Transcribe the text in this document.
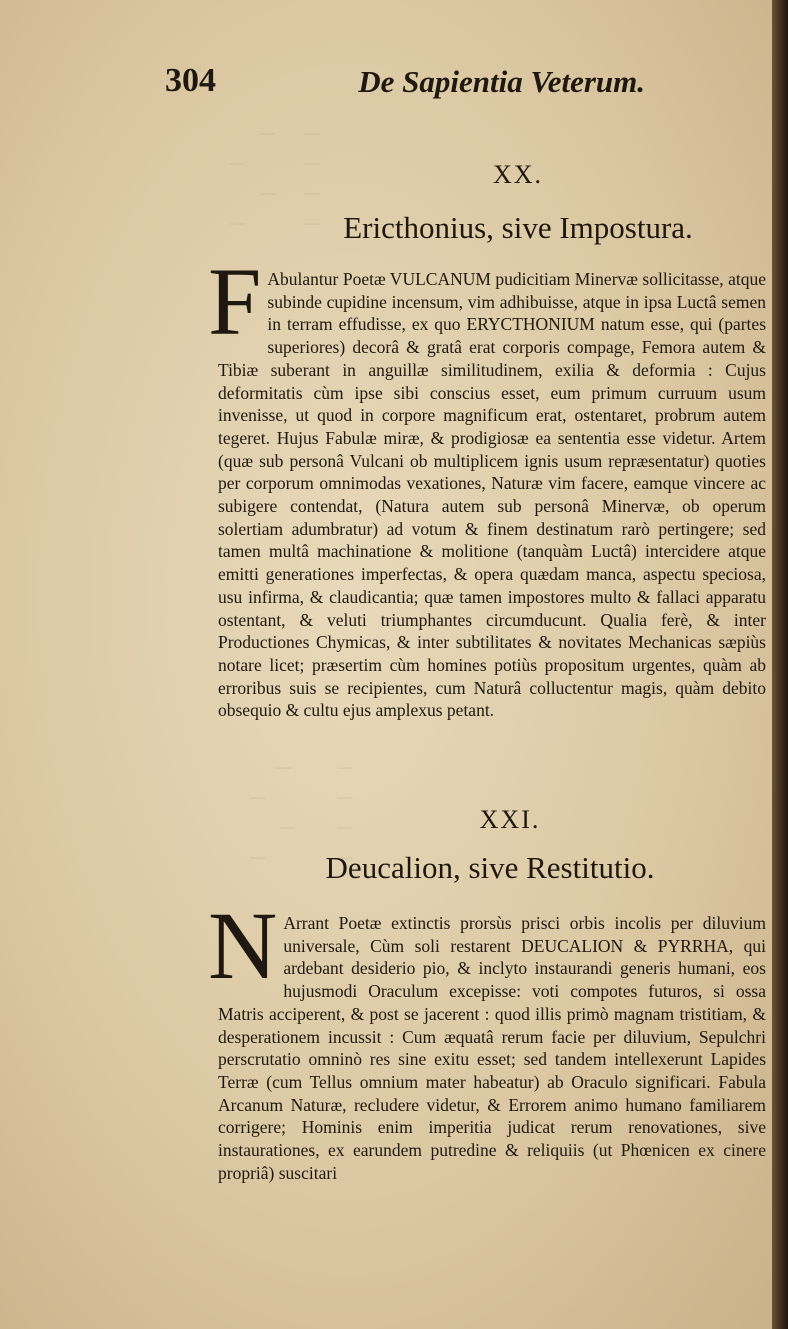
—       —
—              —
—       —
—              —
—           —
—                 —
—          —
—                 —
304	De Sapientia Veterum.
XX.
Ericthonius, sive Impostura.

F Abulantur Poetæ VULCANUM pudicitiam Minervæ sollicitasse, atque subinde cupidine incensum, vim adhibuisse, atque in ipsa Luctâ semen in terram effudisse, ex quo ERYCTHONIUM natum esse, qui (partes superiores) decorâ & gratâ erat corporis compage, Femora autem & Tibiæ suberant in anguillæ similitudinem, exilia & deformia : Cujus deformitatis cùm ipse sibi conscius esset, eum primum curruum usum invenisse, ut quod in corpore magnificum erat, ostentaret, probrum autem tegeret. Hujus Fabulæ miræ, & prodigiosæ ea sententia esse videtur. Artem (quæ sub personâ Vulcani ob multiplicem ignis usum repræsentatur) quoties per corporum omnimodas vexationes, Naturæ vim facere, eamque vincere ac subigere contendat, (Natura autem sub personâ Minervæ, ob operum solertiam adumbratur) ad votum & finem destinatum rarò pertingere; sed tamen multâ machinatione & molitione (tanquàm Luctâ) intercidere atque emitti generationes imperfectas, & opera quædam manca, aspectu speciosa, usu infirma, & claudicantia; quæ tamen impostores multo & fallaci apparatu ostentant, & veluti triumphantes circumducunt. Qualia ferè, & inter Productiones Chymicas, & inter subtilitates & novitates Mechanicas sæpiùs notare licet; præsertim cùm homines potiùs propositum urgentes, quàm ab erroribus suis se recipientes, cum Naturâ colluctentur magis, quàm debito obsequio & cultu ejus amplexus petant.

XXI.
Deucalion, sive Restitutio.

N Arrant Poetæ extinctis prorsùs prisci orbis incolis per diluvium universale, Cùm soli restarent DEUCALION & PYRRHA, qui ardebant desiderio pio, & inclyto instaurandi generis humani, eos hujusmodi Oraculum excepisse: voti compotes futuros, si ossa Matris acciperent, & post se jacerent : quod illis primò magnam tristitiam, & desperationem incussit : Cum æquatâ rerum facie per diluvium, Sepulchri perscrutatio omninò res sine exitu esset; sed tandem intellexerunt Lapides Terræ (cum Tellus omnium mater habeatur) ab Oraculo significari. Fabula Arcanum Naturæ, recludere videtur, & Errorem animo humano familiarem corrigere; Hominis enim imperitia judicat rerum renovationes, sive instaurationes, ex earundem putredine & reliquiis (ut Phœnicen ex cinere propriâ) suscitari
